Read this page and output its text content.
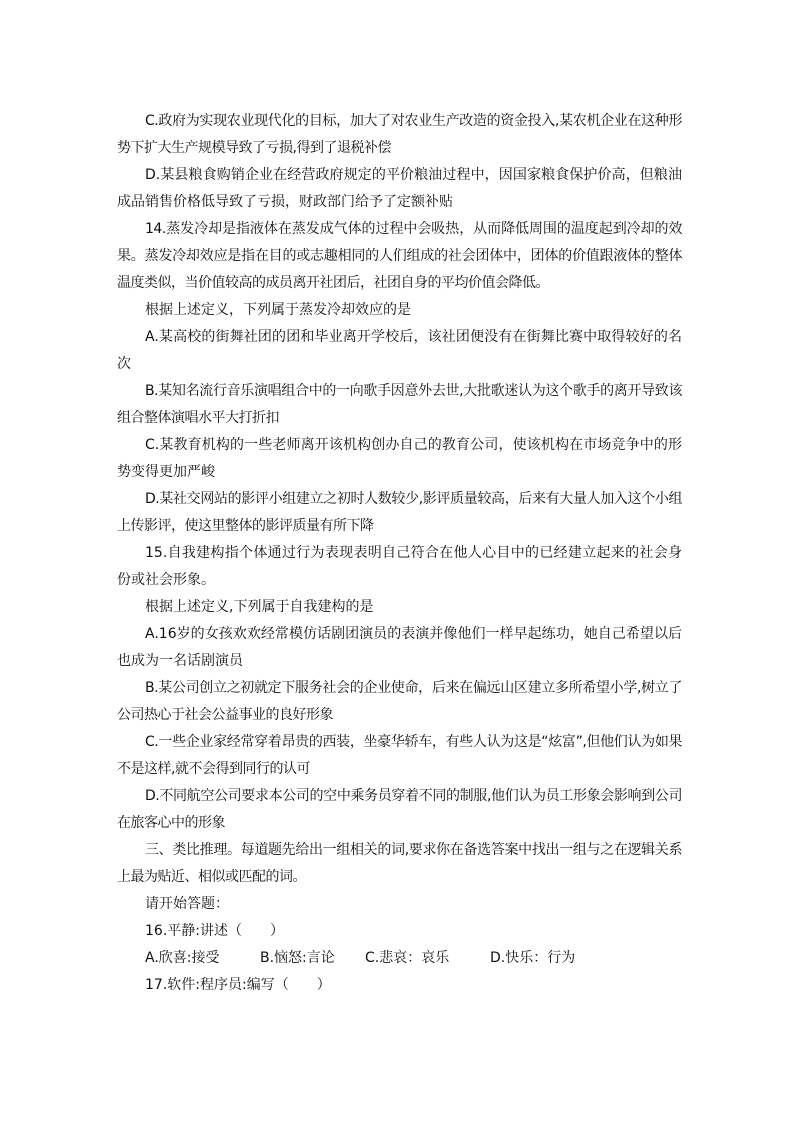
C.政府为实现农业现代化的目标，加大了对农业生产改造的资金投入,某农机企业在这种形势下扩大生产规模导致了亏损,得到了退税补偿

D.某县粮食购销企业在经营政府规定的平价粮油过程中，因国家粮食保护价高，但粮油成品销售价格低导致了亏损，财政部门给予了定额补贴

14.蒸发冷却是指液体在蒸发成气体的过程中会吸热，从而降低周围的温度起到冷却的效果。蒸发冷却效应是指在目的或志趣相同的人们组成的社会团体中，团体的价值跟液体的整体温度类似，当价值较高的成员离开社团后，社团自身的平均价值会降低。

根据上述定义，下列属于蒸发冷却效应的是

A.某高校的街舞社团的团和毕业离开学校后，该社团便没有在街舞比赛中取得较好的名次

B.某知名流行音乐演唱组合中的一向歌手因意外去世,大批歌迷认为这个歌手的离开导致该组合整体演唱水平大打折扣

C.某教育机构的一些老师离开该机构创办自己的教育公司，使该机构在市场竞争中的形势变得更加严峻

D.某社交网站的影评小组建立之初时人数较少,影评质量较高，后来有大量人加入这个小组上传影评，使这里整体的影评质量有所下降

15.自我建构指个体通过行为表现表明自己符合在他人心目中的已经建立起来的社会身份或社会形象。

根据上述定义,下列属于自我建构的是

A.16岁的女孩欢欢经常模仿话剧团演员的表演并像他们一样早起练功，她自己希望以后也成为一名话剧演员

B.某公司创立之初就定下服务社会的企业使命，后来在偏远山区建立多所希望小学,树立了公司热心于社会公益事业的良好形象

C.一些企业家经常穿着昂贵的西装，坐豪华轿车，有些人认为这是“炫富”,但他们认为如果不是这样,就不会得到同行的认可

D.不同航空公司要求本公司的空中乘务员穿着不同的制服,他们认为员工形象会影响到公司在旅客心中的形象

三、类比推理。每道题先给出一组相关的词,要求你在备选答案中找出一组与之在逻辑关系上最为贴近、相似或匹配的词。

请开始答题：

16.平静:讲述（　　）

A.欣喜:接受	B.恼怒:言论	C.悲哀：哀乐	D.快乐：行为

17.软件:程序员:编写（　　）
